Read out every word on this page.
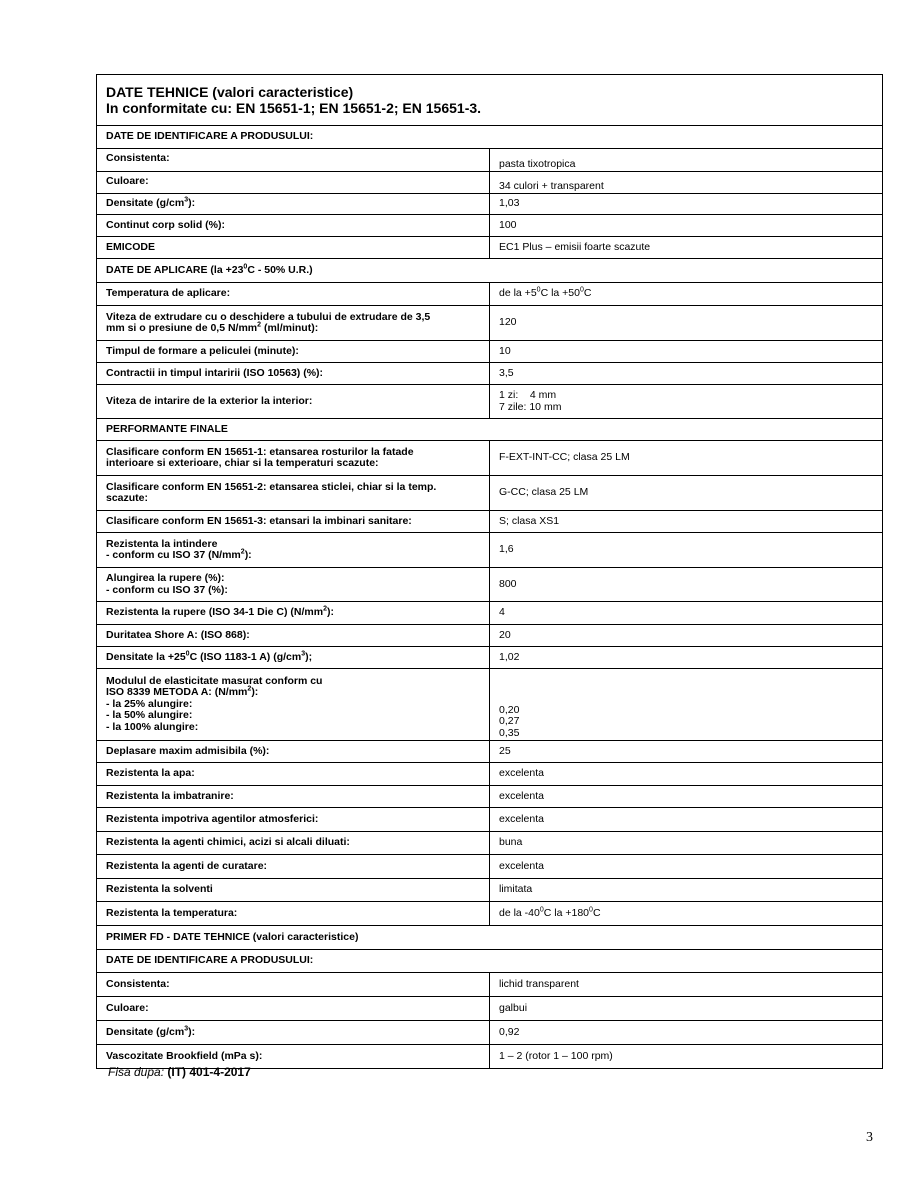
DATE TEHNICE (valori caracteristice)
In conformitate cu: EN 15651-1; EN 15651-2; EN 15651-3.

DATE DE IDENTIFICARE A PRODUSULUI:
Consistenta:	pasta tixotropica
Culoare:	34 culori + transparent
Densitate $(g/cm^3)$:	1,03
Continut corp solid (%):	100
EMICODE	EC1 Plus – emisii foarte scazute
DATE DE APLICARE ($la +23^0C - 50\%$ U.R.)
Temperatura de aplicare:	de la $+5^0C$ la $+50^0C$

Viteza de extrudare cu o deschidere a tubului de extrudare de 3,5
mm si o presiune de 0,5 $N/mm^2$ (ml/minut):	120
Timpul de formare a peliculei (minute):	10
Contractii in timpul intaririi (ISO 10563) (%):	3,5
Viteza de intarire de la exterior la interior:	1 zi:    4 mm
7 zile: 10 mm

PERFORMANTE FINALE

Clasificare conform EN 15651-1: etansarea rosturilor la fatade
interioare si exterioare, chiar si la temperaturi scazute:	F-EXT-INT-CC; clasa 25 LM

Clasificare conform EN 15651-2: etansarea sticlei, chiar si la temp.
scazute:	G-CC; clasa 25 LM
Clasificare conform EN 15651-3: etansari la imbinari sanitare:	S; clasa XS1

Rezistenta la intindere
- conform cu ISO 37 $(N/mm^2)$:	1,6

Alungirea la rupere (%):
- conform cu ISO 37 (%):	800
Rezistenta la rupere (ISO 34-1 Die C) $(N/mm^2)$:	4
Duritatea Shore A: (ISO 868):	20
Densitate la $+25^0C$ (ISO 1183-1 A) $(g/cm^3)$;	1,02

Modulul de elasticitate masurat conform cu
ISO 8339 METODA A: $(N/mm^2)$:
- la 25% alungire:
- la 50% alungire:
- la 100% alungire:

0,20
0,27
0,35

Deplasare maxim admisibila (%):	25
Rezistenta la apa:	excelenta
Rezistenta la imbatranire:	excelenta
Rezistenta impotriva agentilor atmosferici:	excelenta
Rezistenta la agenti chimici, acizi si alcali diluati:	buna
Rezistenta la agenti de curatare:	excelenta
Rezistenta la solventi	limitata
Rezistenta la temperatura:	de la $-40^0C$ la $+180^0C$
PRIMER FD - DATE TEHNICE (valori caracteristice)
DATE DE IDENTIFICARE A PRODUSULUI:
Consistenta:	lichid transparent
Culoare:	galbui
Densitate $(g/cm^3)$:	0,92
Vascozitate Brookfield (mPa s):	1 – 2 (rotor 1 – 100 rpm)
Fisa dupa: (IT) 401-4-2017
3
